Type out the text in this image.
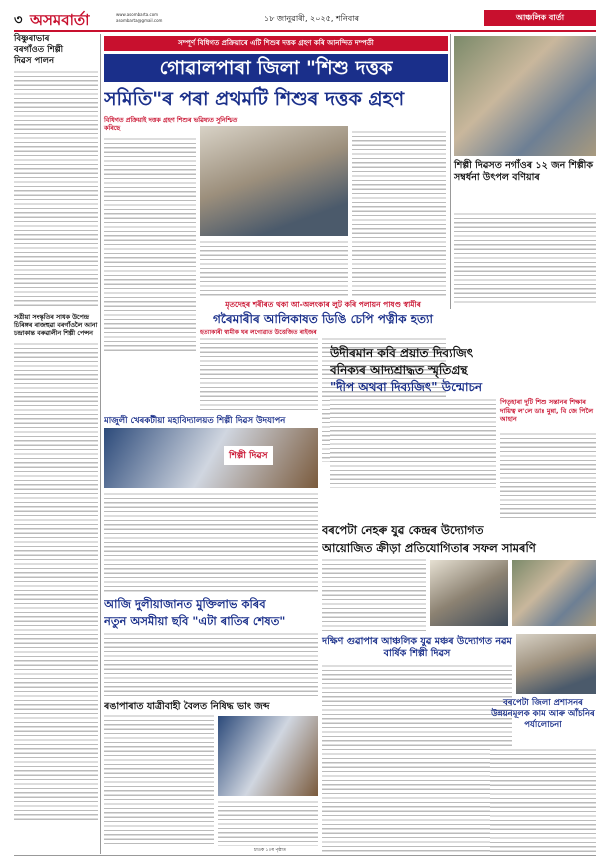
৩ অসমবাৰ্তা	www.asombarta.com
asombarta@gmail.com	১৮ জানুৱাৰী, ২০২৫, শনিবাৰ	আঞ্চলিক বাৰ্তা
বিষ্ণুৰাভাৰ
বৰগাঁওত শিল্পী
দিৱস পালন
সত্ৰীয়া সংস্কৃতিৰ সাধক উপেন্দ্ৰ চিৰিঙ্গৰ ৰাজহুৱা বৰগাঁওলৈ আনা চন্দ্ৰাকান্ত বৰুৱালীন শিল্পী পেন্সন
সম্পূৰ্ণ বিধিগত প্ৰক্ৰিয়াৰে এটি শিশুৰ দত্তক গ্ৰহণ কৰি আনন্দিত দম্পতী
গোৱালপাৰা জিলা "শিশু দত্তক
সমিতি"ৰ পৰা প্ৰথমটি শিশুৰ দত্তক গ্ৰহণ
বিধিগত প্ৰক্ৰিয়াই দত্তক গ্ৰহণ শিশুৰ ভৱিষ্যত সুনিশ্চিত কৰিছে
মৃতদেহৰ শৰীৰত থকা আ-অলংকাৰ লুট কৰি পলায়ন পাষণ্ড স্বামীৰ
গৰৈমাৰীৰ আলিকাষত ডিঙি চেপি পত্নীক হত্যা
হত্যাকাৰী স্বামীক ঘৰ লগোৱাত উত্তেজিত ৰাইজৰ
মাজুলী খেৰকটীয়া মহাবিদ্যালয়ত শিল্পী দিৱস উদযাপন
শিল্পী দিৱস
শিল্পী দিৱসত নগাঁওৰ ১২ জন শিল্পীক সম্বৰ্ধনা উৎপল বণিয়াৰ
উদীৰমান কবি প্ৰয়াত দিব্যজিৎ
বনিক্যৰ আদ্যশ্ৰাদ্ধত স্মৃতিগ্ৰন্থ
"দীপ অথবা দিব্যজিৎ" উন্মোচন
পিতৃহাৰা দুটি শিশু সন্তানৰ শিক্ষাৰ দায়িত্ব ল'লে ডাঃ মুন্না, বি জে পিলৈ আহান
বৰপেটা নেহৰু যুৱ কেন্দ্ৰৰ উদ্যোগত
আয়োজিত ক্ৰীড়া প্ৰতিযোগিতাৰ সফল সামৰণি
আজি দুলীয়াজানত মুক্তিলাভ কৰিব
নতুন অসমীয়া ছবি "এটা ৰাতিৰ শেষত"
দক্ষিণ গুৱাপাৰ আঞ্চলিক যুৱ মঞ্চৰ উদ্যোগত নৱম বাৰ্ষিক শিল্পী দিৱস
বৰপেটা জিলা প্ৰশাসনৰ উন্নয়নমূলক কাম আৰু আঁচনিৰ পৰ্যালোচনা
ৰঙাপাৰাত যাত্ৰীবাহী বৈলত নিষিদ্ধ ভাং জব্দ
চাওক ১০ৰ পৃষ্ঠাত
